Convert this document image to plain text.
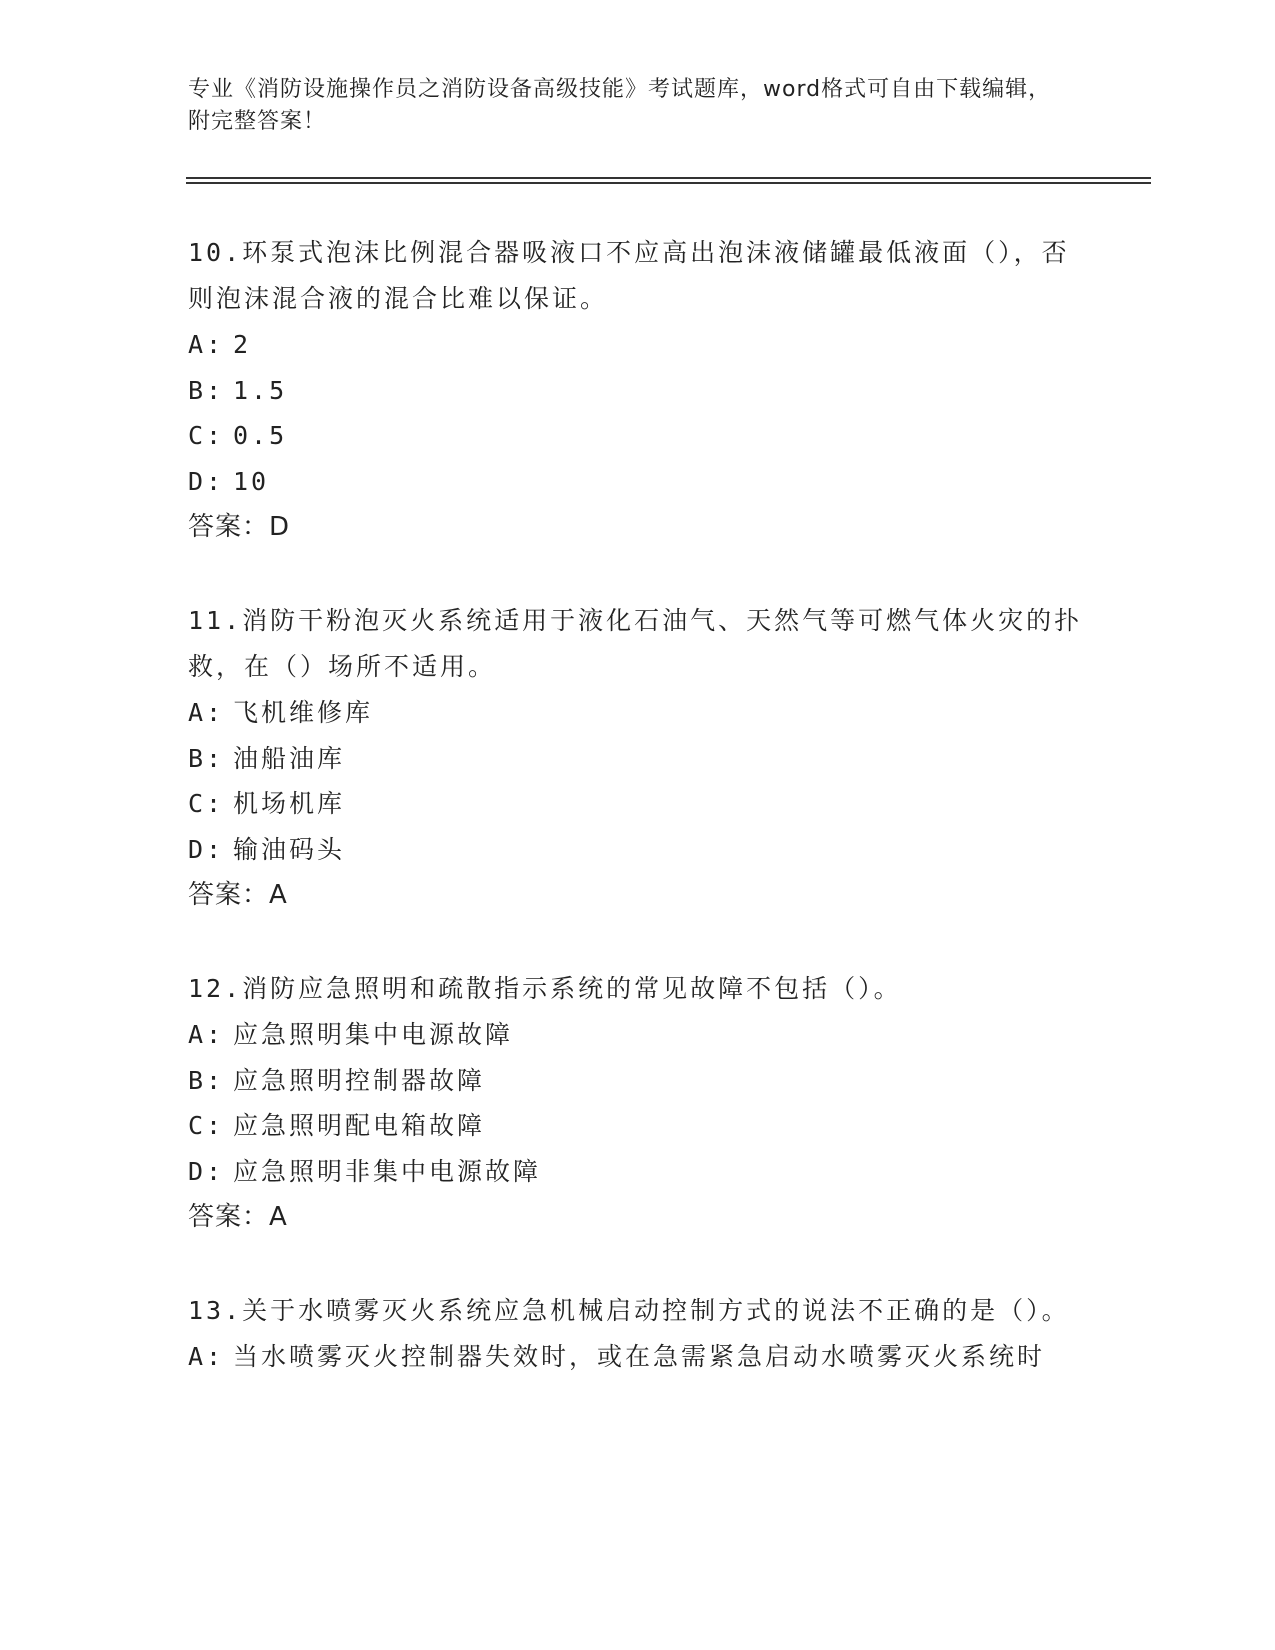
专业《消防设施操作员之消防设备高级技能》考试题库，word格式可自由下载编辑，附完整答案！

10.环泵式泡沫比例混合器吸液口不应高出泡沫液储罐最低液面（），否则泡沫混合液的混合比难以保证。

A: 2

B: 1.5

C: 0.5

D: 10

答案：D

11.消防干粉泡灭火系统适用于液化石油气、天然气等可燃气体火灾的扑救，在（）场所不适用。

A: 飞机维修库

B: 油船油库

C: 机场机库

D: 输油码头

答案：A

12.消防应急照明和疏散指示系统的常见故障不包括（）。

A: 应急照明集中电源故障

B: 应急照明控制器故障

C: 应急照明配电箱故障

D: 应急照明非集中电源故障

答案：A

13.关于水喷雾灭火系统应急机械启动控制方式的说法不正确的是（）。

A: 当水喷雾灭火控制器失效时，或在急需紧急启动水喷雾灭火系统时
